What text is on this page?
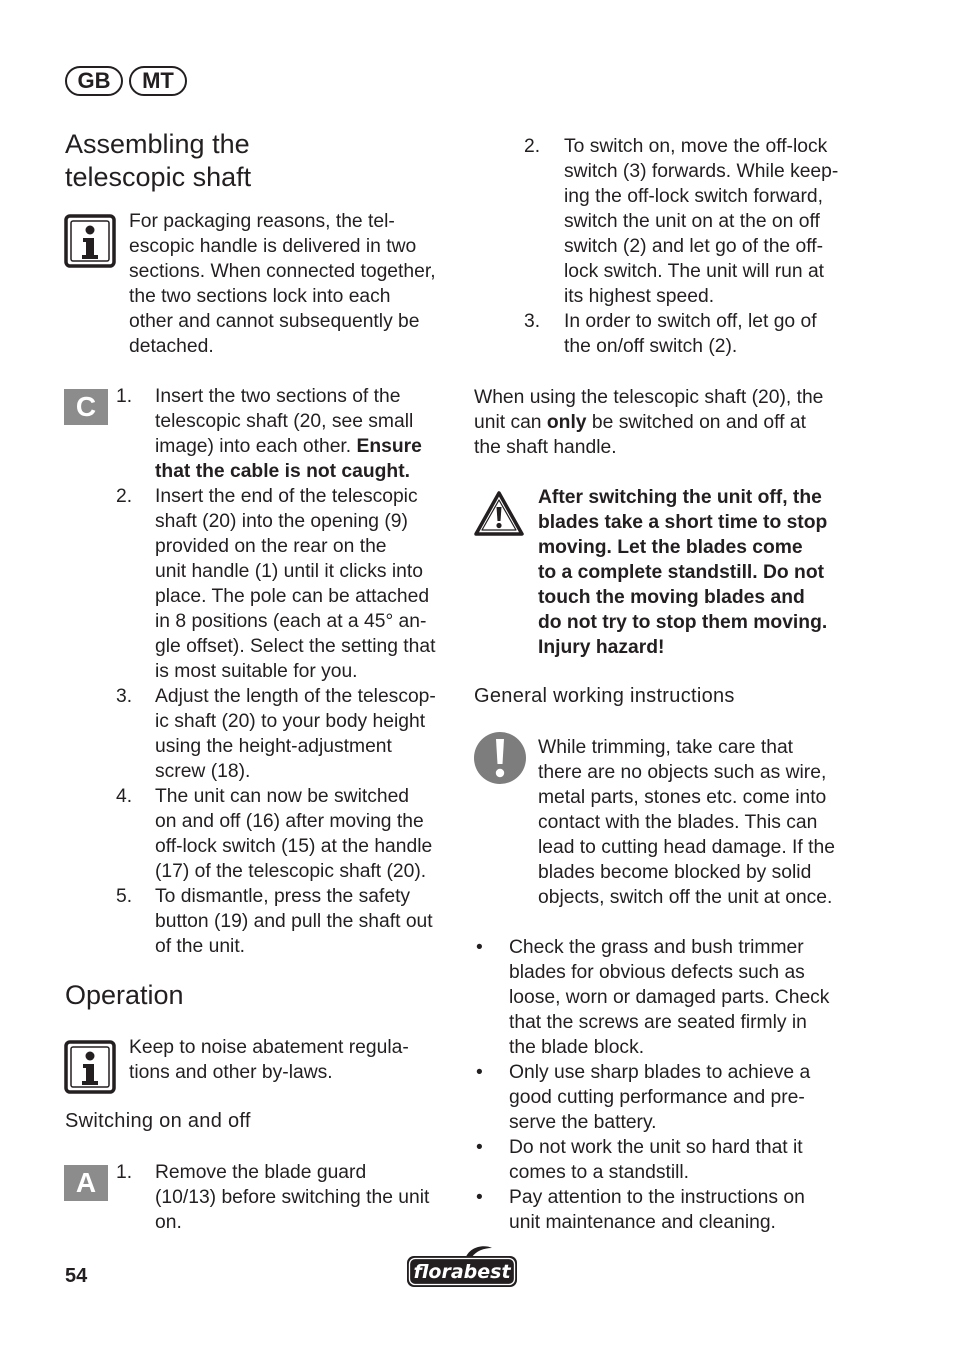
GB	MT
Assembling the
telescopic shaft
For packaging reasons, the tel-
escopic handle is delivered in two
sections. When connected together,
the two sections lock into each
other and cannot subsequently be
detached.
C	1. Insert the two sections of the
telescopic shaft (20, see small
image) into each other. Ensure
that the cable is not caught.
2. Insert the end of the telescopic
shaft (20) into the opening (9)
provided on the rear on the
unit handle (1) until it clicks into
place. The pole can be attached
in 8 positions (each at a 45° an-
gle offset). Select the setting that
is most suitable for you.
3. Adjust the length of the telescop-
ic shaft (20) to your body height
using the height-adjustment
screw (18).
4. The unit can now be switched
on and off (16) after moving the
off-lock switch (15) at the handle
(17) of the telescopic shaft (20).
5. To dismantle, press the safety
button (19) and pull the shaft out
of the unit.
Operation
Keep to noise abatement regula-
tions and other by-laws.
Switching on and off
A	1. Remove the blade guard
(10/13) before switching the unit
on.
2. To switch on, move the off-lock
switch (3) forwards. While keep-
ing the off-lock switch forward,
switch the unit on at the on off
switch (2) and let go of the off-
lock switch. The unit will run at
its highest speed.
3. In order to switch off, let go of
the on/off switch (2).
When using the telescopic shaft (20), the
unit can only be switched on and off at
the shaft handle.
After switching the unit off, the
blades take a short time to stop
moving. Let the blades come
to a complete standstill. Do not
touch the moving blades and
do not try to stop them moving.
Injury hazard!
General working instructions
While trimming, take care that
there are no objects such as wire,
metal parts, stones etc. come into
contact with the blades. This can
lead to cutting head damage. If the
blades become blocked by solid
objects, switch off the unit at once.
• Check the grass and bush trimmer
blades for obvious defects such as
loose, worn or damaged parts. Check
that the screws are seated firmly in
the blade block.
• Only use sharp blades to achieve a
good cutting performance and pre-
serve the battery.
• Do not work the unit so hard that it
comes to a standstill.
• Pay attention to the instructions on
unit maintenance and cleaning.
54	florabest
